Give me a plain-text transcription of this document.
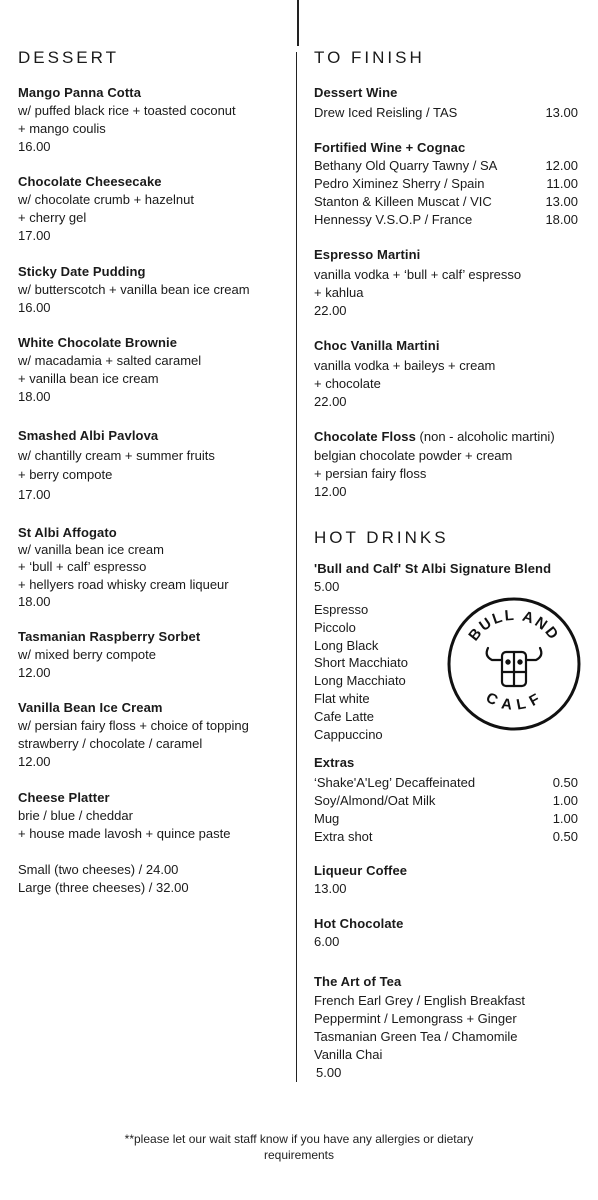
DESSERT
Mango Panna Cotta
w/ puffed black rice + toasted coconut
+ mango coulis
16.00
Chocolate Cheesecake
w/ chocolate crumb + hazelnut
+ cherry gel
17.00
Sticky Date Pudding
w/ butterscotch + vanilla bean ice cream
16.00
White Chocolate Brownie
w/ macadamia + salted caramel
+ vanilla bean ice cream
18.00
Smashed Albi Pavlova
w/ chantilly cream + summer fruits
+ berry compote
17.00
St Albi Affogato
w/ vanilla bean ice cream
+ ‘bull + calf’ espresso
+ hellyers road whisky cream liqueur
18.00
Tasmanian Raspberry Sorbet
w/ mixed berry compote
12.00
Vanilla Bean Ice Cream
w/ persian fairy floss + choice of topping
strawberry / chocolate / caramel
12.00
Cheese Platter
brie / blue / cheddar
+ house made lavosh + quince paste
Small (two cheeses) / 24.00
Large (three cheeses) / 32.00
TO FINISH
Dessert Wine
Drew Iced Reisling / TAS	13.00
Fortified Wine + Cognac
Bethany Old Quarry Tawny / SA	12.00
Pedro Ximinez Sherry / Spain	11.00
Stanton & Killeen Muscat / VIC	13.00
Hennessy V.S.O.P / France	18.00
Espresso Martini
vanilla vodka + ‘bull + calf’ espresso
+ kahlua
22.00
Choc Vanilla Martini
vanilla vodka + baileys + cream
+ chocolate
22.00
Chocolate Floss (non - alcoholic martini)
belgian chocolate powder + cream
+ persian fairy floss
12.00
HOT DRINKS
'Bull and Calf' St Albi Signature Blend
5.00
Espresso
Piccolo
Long Black
Short Macchiato
Long Macchiato
Flat white
Cafe Latte
Cappuccino
Extras
‘Shake'A'Leg’ Decaffeinated	0.50
Soy/Almond/Oat Milk	1.00
Mug	1.00
Extra shot	0.50
Liqueur Coffee
13.00
Hot Chocolate
6.00
The Art of Tea
French Earl Grey / English Breakfast
Peppermint / Lemongrass + Ginger
Tasmanian Green Tea / Chamomile
Vanilla Chai
5.00
BULL AND
CALF
**please let our wait staff know if you have any allergies or dietary
requirements
